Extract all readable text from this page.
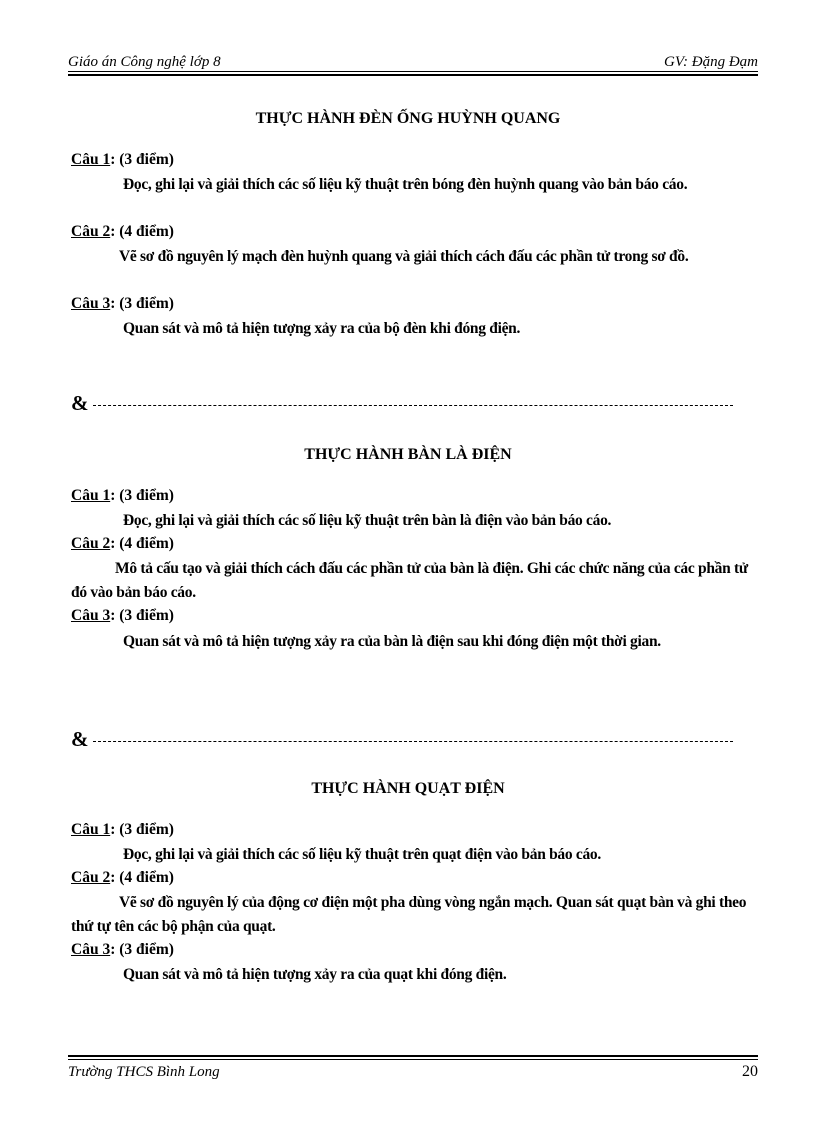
Giáo án Công nghệ lớp 8	GV: Đặng Đạm
THỰC HÀNH ĐÈN ỐNG HUỲNH QUANG
Câu 1: (3 điểm)
Đọc, ghi lại và giải thích các số liệu kỹ thuật trên bóng đèn huỳnh quang vào bản báo cáo.
Câu 2: (4 điểm)
Vẽ sơ đồ nguyên lý mạch đèn huỳnh quang và giải thích cách đấu các phần tử trong sơ đồ.
Câu 3: (3 điểm)
Quan sát và mô tả hiện tượng xảy ra của bộ đèn khi đóng điện.
&
THỰC HÀNH BÀN LÀ ĐIỆN
Câu 1: (3 điểm)
Đọc, ghi lại và giải thích các số liệu kỹ thuật trên bàn là điện vào bản báo cáo.
Câu 2: (4 điểm)
Mô tả cấu tạo và giải thích cách đấu các phần tử của bàn là điện. Ghi các chức năng của các phần tử đó vào bản báo cáo.
Câu 3: (3 điểm)
Quan sát và mô tả hiện tượng xảy ra của bàn là điện sau khi đóng điện một thời gian.
&
THỰC HÀNH QUẠT ĐIỆN
Câu 1: (3 điểm)
Đọc, ghi lại và giải thích các số liệu kỹ thuật trên quạt điện vào bản báo cáo.
Câu 2: (4 điểm)
Vẽ sơ đồ nguyên lý của động cơ điện một pha dùng vòng ngắn mạch. Quan sát quạt bàn và ghi theo thứ tự tên các bộ phận của quạt.
Câu 3: (3 điểm)
Quan sát và mô tả hiện tượng xảy ra của quạt khi đóng điện.
Trường THCS Bình Long	20
